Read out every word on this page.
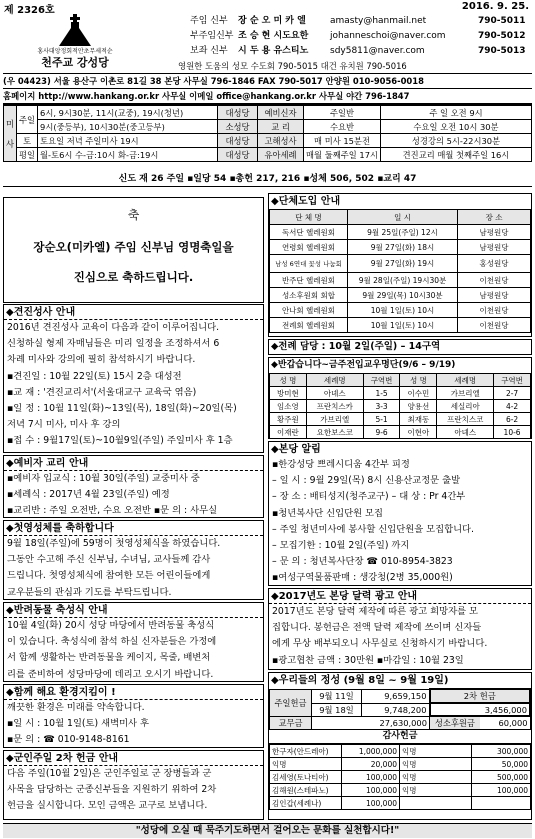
제 2326호	2016. 9. 25.
홍사대앙정회적안초무세적순
천주교 강성당
주임 신부	장 순 오 미 카 엘	amasty@hanmail.net	790-5011
부주임신부 조 승 현 시도요한	johanneschoi@naver.com	790-5012
보좌 신부	시 두 용 유스티노	sdy5811@naver.com	790-5013
영원한 도움의 성모 수도회 790-5015 대건 유치원 790-5016
(우 04423) 서울 용산구 이촌로 81길 38 본당 사무실 796-1846 FAX 790-5017 안양원 010-9056-0018
홈페이지 http://www.hankang.or.kr 사무실 이메일 office@hankang.or.kr 사무실 야간 796-1847
미
사	주일	6시, 9시30분, 11시(교중), 19시(청년)	대성당	예비신자	주일반	주 일 오전 9시
		9시(중등부), 10시30분(중고등부)	소성당	교 리	수요반	수요일 오전 10시 30분
	토	토요일 저녁 주일미사 19시	대성당	고해성사	매 미사 15분전	성경강의 5시-22시30분
	평일	월-토6시 수-금:10시 화-금:19시	대성당	유아세례	매월 둘째주일 17시	견진교리 매월 첫째주일 16시
신도 재 26 주일 ▪일당 54 ▪총헌 217, 216 ▪성체 506, 502 ▪교리 47
축
장순오(미카엘) 주임 신부님 영명축일을
진심으로 축하드립니다.
◆견진성사 안내
2016년 견진성사 교육이 다음과 같이 이루어집니다.
신청하실 형제 자매님들은 미리 일정을 조정하셔서 6
차례 미사와 강의에 필히 참석하시기 바랍니다.
▪견진일 : 10월 22일(토) 15시 2층 대성전
▪교 재 : '견진교리서'(서울대교구 교육국 엮음)
▪일 정 : 10월 11일(화)~13일(목), 18일(화)~20일(목)
저녁 7시 미사, 미사 후 강의
▪접 수 : 9월17일(토)~10월9일(주일) 주일미사 후 1층
◆예비자 교리 안내
▪예비자 입교식 : 10월 30일(주일) 교중미사 중
▪세례식 : 2017년 4월 23일(주일) 예정
▪교리반 : 주일 오전반, 수요 오전반 ▪문 의 : 사무실
◆첫영성체를 축하합니다
9월 18일(주일)에 59명이 첫영성체식을 하였습니다.
그동안 수고해 주신 신부님, 수녀님, 교사들께 감사
드립니다. 첫영성체식에 참여한 모든 어린이들에게
교우분들의 관심과 기도를 부탁드립니다.
◆반려동물 축성식 안내
10월 4일(화) 20시 성당 마당에서 반려동물 축성식
이 있습니다. 축성식에 참석 하실 신자분들은 가정에
서 함께 생활하는 반려동물을 케이지, 목줄, 배변처
리를 준비하여 성당마당에 데리고 오시기 바랍니다.
◆함께 해요 환경지킴이 !
깨끗한 환경은 미래를 약속합니다.
▪일 시 : 10월 1일(토) 새벽미사 후
▪문 의 : ☎ 010-9148-8161
◆군인주일 2차 헌금 안내
다음 주일(10월 2일)은 군인주일로 군 장병들과 군
사목을 담당하는 군종신부들을 지원하기 위하여 2차
헌금을 실시합니다. 모인 금액은 교구로 보냅니다.
◆단체도입 안내
단 체 명	일 시	장 소
독서단 헬레원회	9월 25일(주일) 12시	남평원당
연령회 헬레원회	9월 27일(화) 18시	남평원당
남성 6연대 꽃성 나눔회	9월 27일(화) 19시	홍성원당
반주단 헬레원회	9월 28일(주일) 19시30분	이천원당
성소후원회 회합	9월 29일(목) 10시30분	남평원당
안나회 헬레원회	10월 1일(토) 10시	이천원당
전례회 헬레원회	10월 1일(토) 10시	이천원당
◆전례 담당 : 10월 2일(주일) – 14구역
◆반갑습니다~금주전입교우명단(9/6 – 9/19)
성 명	세례명	구역번	성 명	세례명	구역번
방미현	아녜스	1-5	이수민	가브리엘	2-7
임소영	프란치스카	3-3	양용선	세실리아	4-2
황주원	가브리엘	5-1	최재동	프란치스코	6-2
이재란	요한보스코	9-6	이현아	아녜스	10-6
◆본당 알림
▪한강성당 쁘레시디움 4간부 피정
– 일 시 : 9월 29일(목) 8시 신용산교정문 출발
– 장 소 : 배티성지(청주교구) – 대 상 : Pr 4간부
▪청년복사단 신입단원 모집
– 주일 청년미사에 봉사할 신입단원을 모집합니다.
– 모집기한 : 10월 2일(주일) 까지
– 문 의 : 청년복사단장 ☎ 010-8954-3823
▪여성구역물품판매 : 생강청(2병 35,000원)
◆2017년도 본당 달력 광고 안내
2017년도 본당 달력 제작에 따른 광고 희망자를 모
집합니다. 봉헌금은 전액 달력 제작에 쓰이며 신자들
에게 무상 배부되오니 사무실로 신청하시기 바랍니다.
▪광고협찬 금액 : 30만원 ▪마감일 : 10월 23일
◆우리들의 정성 (9월 8일 ~ 9월 19일)
주일헌금	9월 11일	9,659,150	2차 헌금
	9월 18일	9,748,200	3,456,000
교무금	27,630,000		성소후원금 60,000
감사헌금
한구자(안드레아)	1,000,000	익명	300,000
익명	20,000	익명	50,000
김세영(토나티아)	100,000	익명	500,000
김해원(스테파노)	100,000	익명	100,000
김인갑(세례나)	100,000		
"성당에 오실 때 묵주기도하면서 걸어오는 문화를 실천합시다!"
